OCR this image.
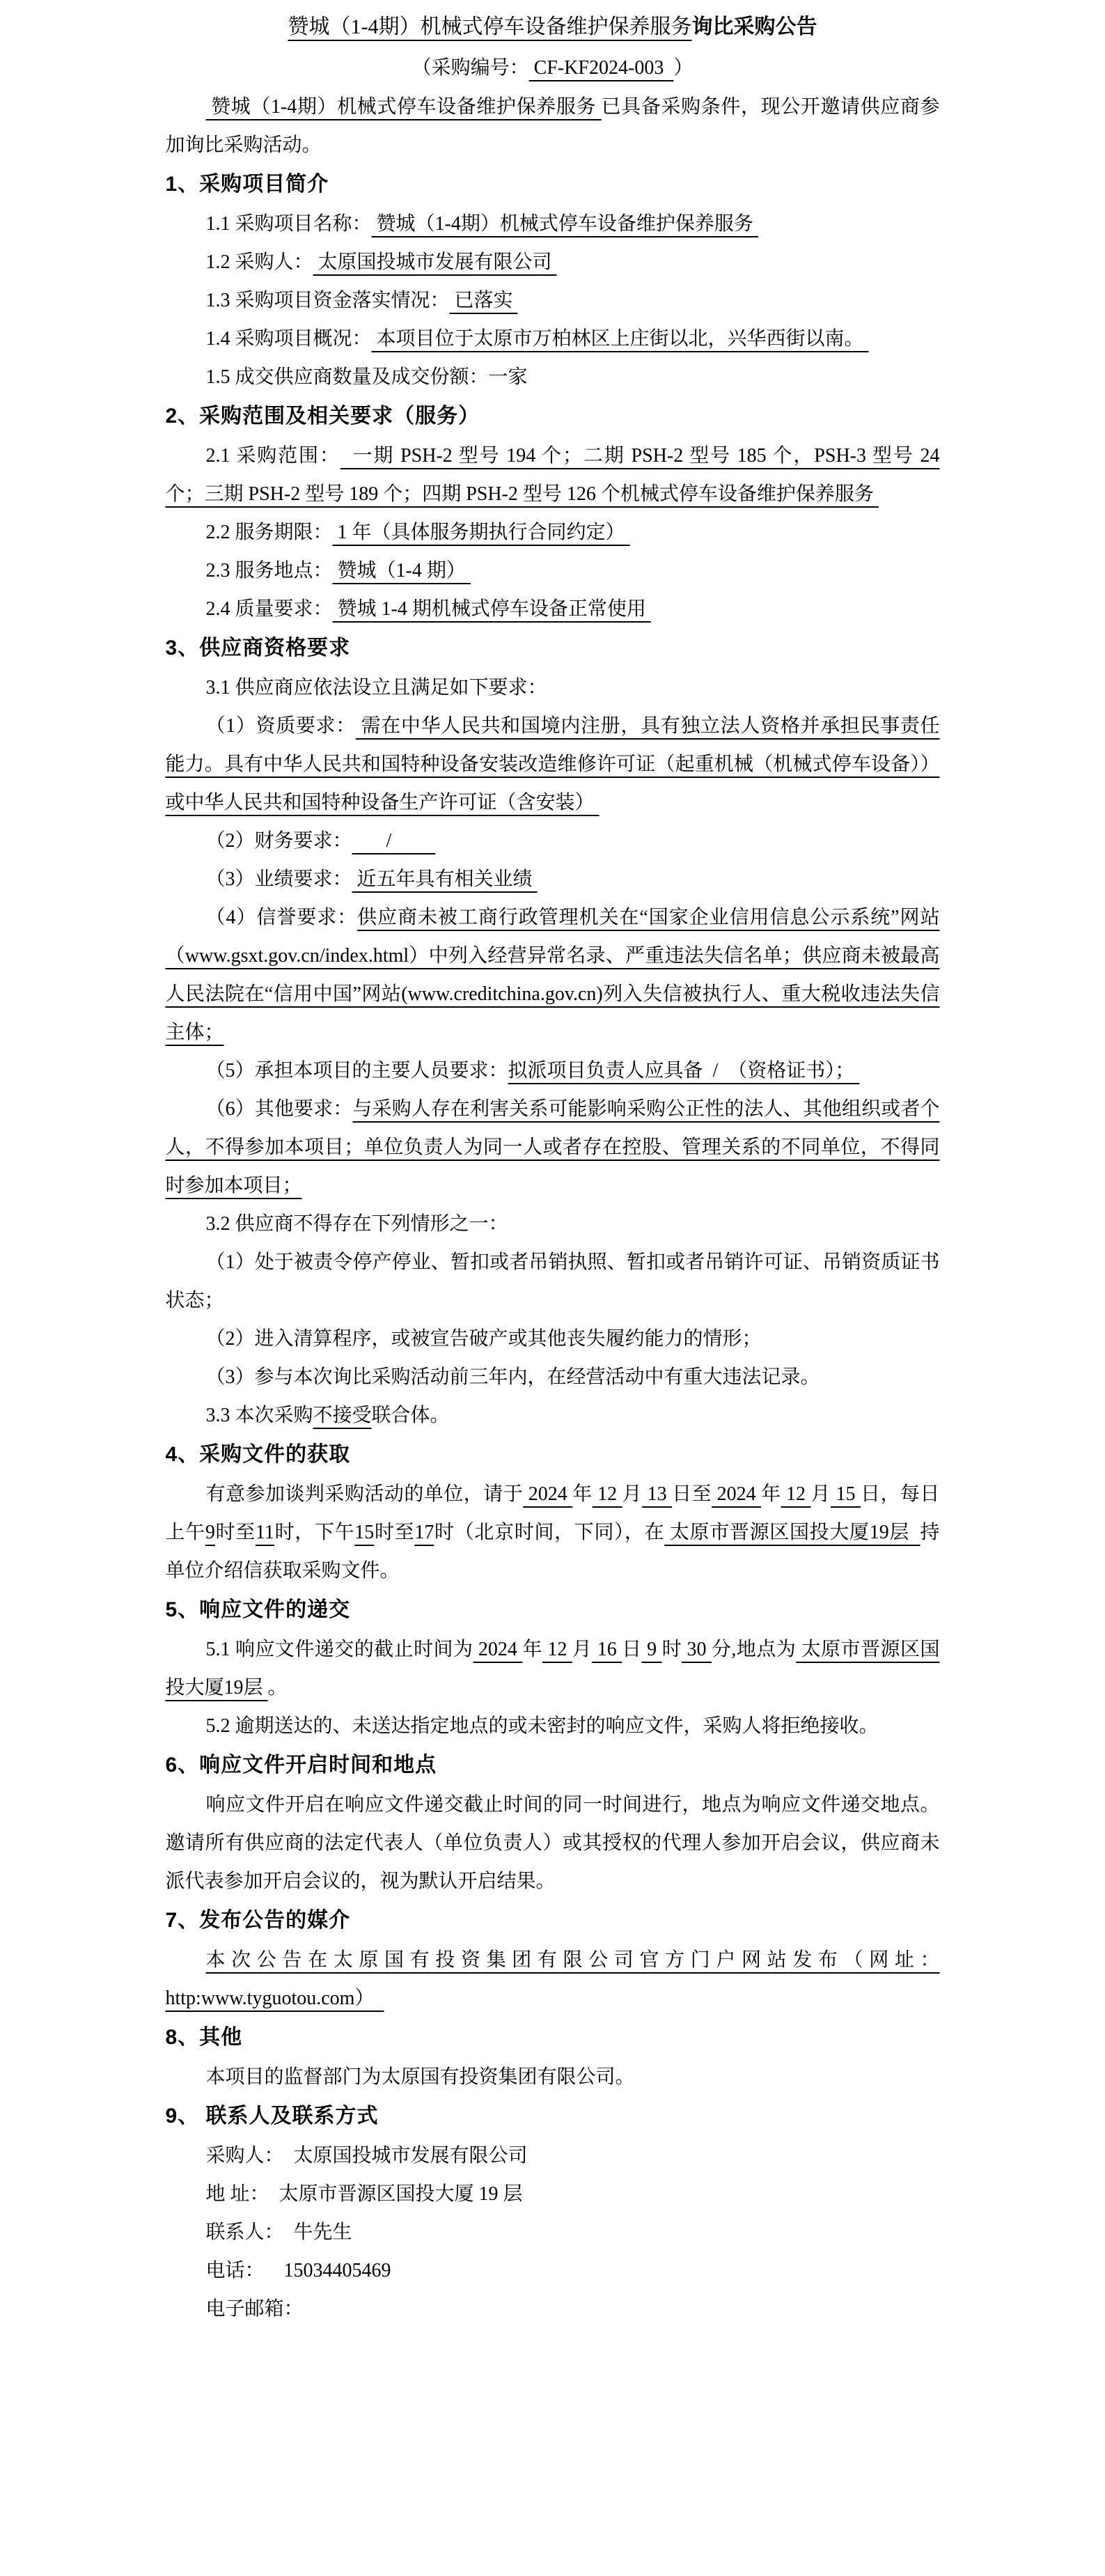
赞城（1-4期）机械式停车设备维护保养服务询比采购公告

（采购编号： CF-KF2024-003  ）

赞城（1-4期）机械式停车设备维护保养服务 已具备采购条件，现公开邀请供应商参加询比采购活动。

1、采购项目简介

1.1 采购项目名称： 赞城（1-4期）机械式停车设备维护保养服务

1.2 采购人： 太原国投城市发展有限公司

1.3 采购项目资金落实情况： 已落实

1.4 采购项目概况： 本项目位于太原市万柏林区上庄街以北，兴华西街以南。

1.5 成交供应商数量及成交份额：一家

2、采购范围及相关要求（服务）

2.1 采购范围：  一期 PSH-2 型号 194 个；二期 PSH-2 型号 185 个，PSH-3 型号 24 个；三期 PSH-2 型号 189 个；四期 PSH-2 型号 126 个机械式停车设备维护保养服务

2.2 服务期限： 1 年（具体服务期执行合同约定）

2.3 服务地点： 赞城（1-4 期）

2.4 质量要求： 赞城 1-4 期机械式停车设备正常使用

3、供应商资格要求

3.1 供应商应依法设立且满足如下要求：

（1）资质要求： 需在中华人民共和国境内注册，具有独立法人资格并承担民事责任能力。具有中华人民共和国特种设备安装改造维修许可证（起重机械（机械式停车设备））或中华人民共和国特种设备生产许可证（含安装）

（2）财务要求：       /

（3）业绩要求： 近五年具有相关业绩

（4）信誉要求：供应商未被工商行政管理机关在“国家企业信用信息公示系统”网站（www.gsxt.gov.cn/index.html）中列入经营异常名录、严重违法失信名单；供应商未被最高人民法院在“信用中国”网站(www.creditchina.gov.cn)列入失信被执行人、重大税收违法失信主体；

（5）承担本项目的主要人员要求：拟派项目负责人应具备  /  （资格证书）；

（6）其他要求：与采购人存在利害关系可能影响采购公正性的法人、其他组织或者个人，不得参加本项目；单位负责人为同一人或者存在控股、管理关系的不同单位，不得同时参加本项目；

3.2 供应商不得存在下列情形之一：

（1）处于被责令停产停业、暂扣或者吊销执照、暂扣或者吊销许可证、吊销资质证书状态；

（2）进入清算程序，或被宣告破产或其他丧失履约能力的情形；

（3）参与本次询比采购活动前三年内，在经营活动中有重大违法记录。

3.3 本次采购不接受联合体。

4、采购文件的获取

有意参加谈判采购活动的单位，请于 2024 年 12 月 13 日至 2024 年 12 月 15 日，每日上午9时至11时，下午15时至17时（北京时间，下同），在 太原市晋源区国投大厦19层  持单位介绍信获取采购文件。

5、响应文件的递交

5.1 响应文件递交的截止时间为 2024 年 12 月 16 日 9 时 30 分,地点为 太原市晋源区国投大厦19层 。

5.2 逾期送达的、未送达指定地点的或未密封的响应文件，采购人将拒绝接收。

6、响应文件开启时间和地点

响应文件开启在响应文件递交截止时间的同一时间进行，地点为响应文件递交地点。邀请所有供应商的法定代表人（单位负责人）或其授权的代理人参加开启会议，供应商未派代表参加开启会议的，视为默认开启结果。

7、发布公告的媒介

本次公告在太原国有投资集团有限公司官方门户网站发布（网址：http:www.tyguotou.com）

8、其他

本项目的监督部门为太原国有投资集团有限公司。

9、 联系人及联系方式

采购人：  太原国投城市发展有限公司

地 址：  太原市晋源区国投大厦 19 层

联系人：  牛先生

电话：    15034405469

电子邮箱：
